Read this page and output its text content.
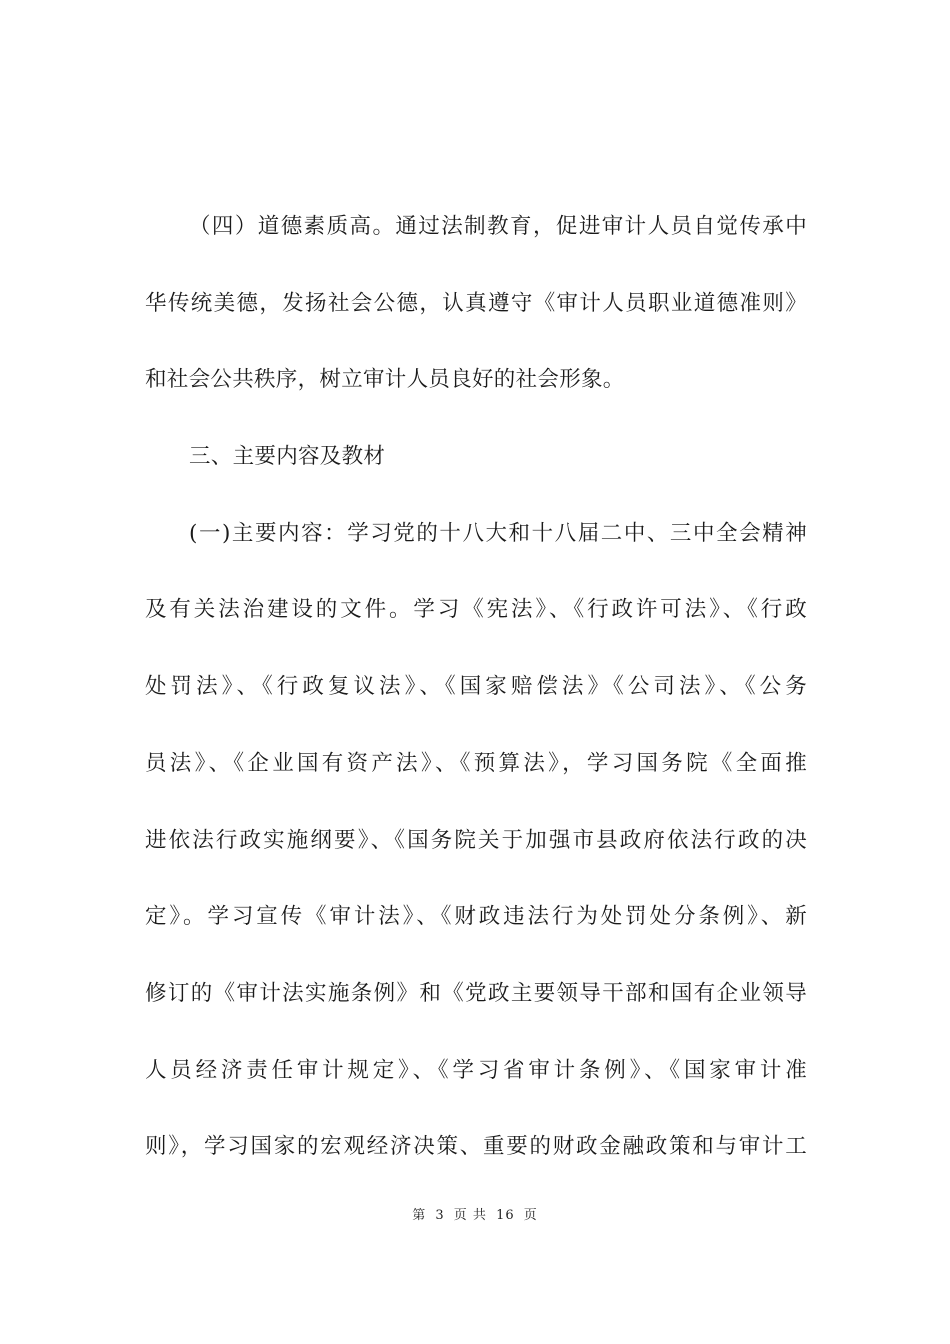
（四）道德素质高。通过法制教育，促进审计人员自觉传承中
华传统美德，发扬社会公德，认真遵守《审计人员职业道德准则》
和社会公共秩序，树立审计人员良好的社会形象。
三、主要内容及教材
(一)主要内容：学习党的十八大和十八届二中、三中全会精神
及有关法治建设的文件。学习《宪法》、《行政许可法》、《行政
处罚法》、《行政复议法》、《国家赔偿法》《公司法》、《公务
员法》、《企业国有资产法》、《预算法》，学习国务院《全面推
进依法行政实施纲要》、《国务院关于加强市县政府依法行政的决
定》。学习宣传《审计法》、《财政违法行为处罚处分条例》、新
修订的《审计法实施条例》和《党政主要领导干部和国有企业领导
人员经济责任审计规定》、《学习省审计条例》、《国家审计准
则》，学习国家的宏观经济决策、重要的财政金融政策和与审计工
第 3 页 共 16 页
